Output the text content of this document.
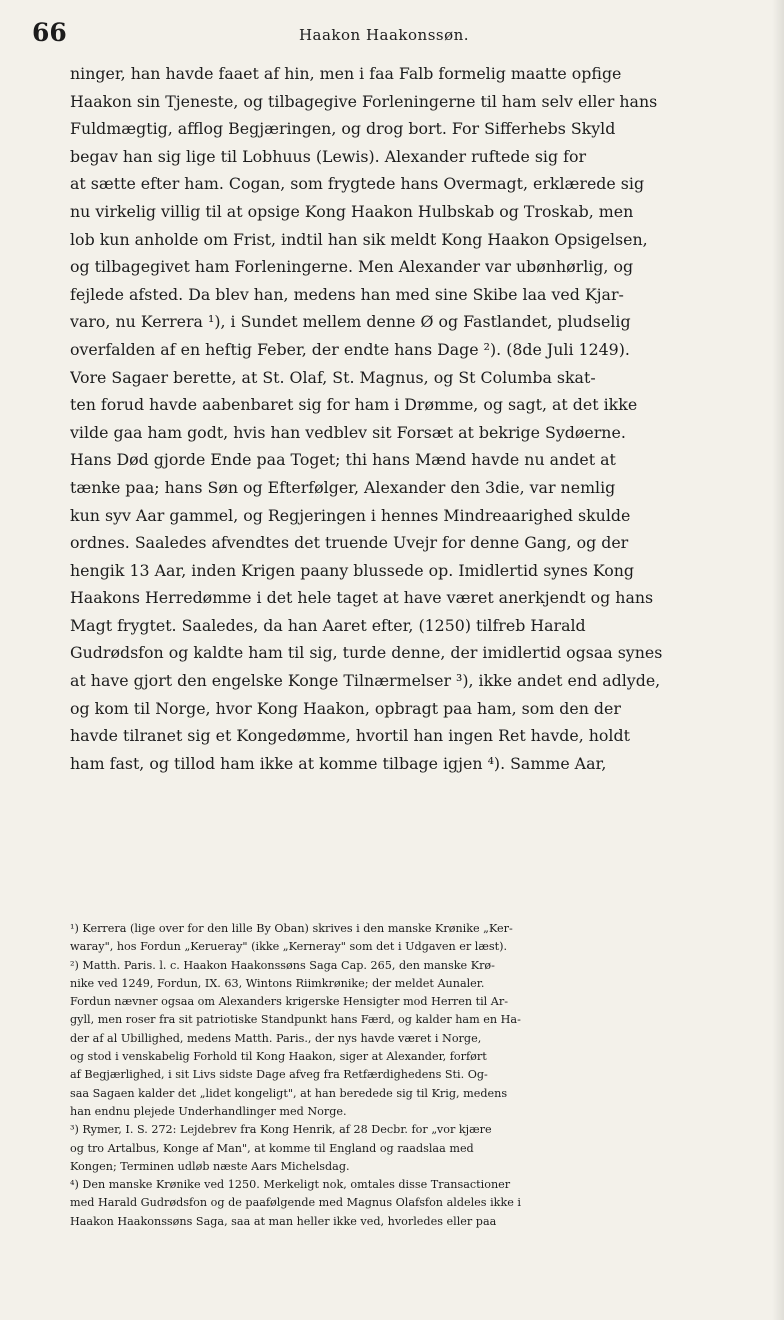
66	Haakon Haakonssøn.
ninger, han havde faaet af hin, men i faa Falb formelig maatte opfige
Haakon sin Tjeneste, og tilbagegive Forleningerne til ham selv eller hans
Fuldmægtig, afflog Begjæringen, og drog bort. For Sifferhebs Skyld
begav han sig lige til Lobhuus (Lewis). Alexander ruftede sig for
at sætte efter ham. Cogan, som frygtede hans Overmagt, erklærede sig
nu virkelig villig til at opsige Kong Haakon Hulbskab og Troskab, men
lob kun anholde om Frist, indtil han sik meldt Kong Haakon Opsigelsen,
og tilbagegivet ham Forleningerne. Men Alexander var ubønhørlig, og
fejlede afsted. Da blev han, medens han med sine Skibe laa ved Kjar-
varo, nu Kerrera ¹), i Sundet mellem denne Ø og Fastlandet, pludselig
overfalden af en heftig Feber, der endte hans Dage ²). (8de Juli 1249).
Vore Sagaer berette, at St. Olaf, St. Magnus, og St Columba skat-
ten forud havde aabenbaret sig for ham i Drømme, og sagt, at det ikke
vilde gaa ham godt, hvis han vedblev sit Forsæt at bekrige Sydøerne.
Hans Død gjorde Ende paa Toget; thi hans Mænd havde nu andet at
tænke paa; hans Søn og Efterfølger, Alexander den 3die, var nemlig
kun syv Aar gammel, og Regjeringen i hennes Mindreaarighed skulde
ordnes. Saaledes afvendtes det truende Uvejr for denne Gang, og der
hengik 13 Aar, inden Krigen paany blussede op. Imidlertid synes Kong
Haakons Herredømme i det hele taget at have været anerkjendt og hans
Magt frygtet. Saaledes, da han Aaret efter, (1250) tilfreb Harald
Gudrødsfon og kaldte ham til sig, turde denne, der imidlertid ogsaa synes
at have gjort den engelske Konge Tilnærmelser ³), ikke andet end adlyde,
og kom til Norge, hvor Kong Haakon, opbragt paa ham, som den der
havde tilranet sig et Kongedømme, hvortil han ingen Ret havde, holdt
ham fast, og tillod ham ikke at komme tilbage igjen ⁴). Samme Aar,
¹) Kerrera (lige over for den lille By Oban) skrives i den manske Krønike „Ker-
waray", hos Fordun „Kerueray" (ikke „Kerneray" som det i Udgaven er læst).
²) Matth. Paris. l. c. Haakon Haakonssøns Saga Cap. 265, den manske Krø-
nike ved 1249, Fordun, IX. 63, Wintons Riimkrønike; der meldet Aunaler.
Fordun nævner ogsaa om Alexanders krigerske Hensigter mod Herren til Ar-
gyll, men roser fra sit patriotiske Standpunkt hans Færd, og kalder ham en Ha-
der af al Ubillighed, medens Matth. Paris., der nys havde været i Norge,
og stod i venskabelig Forhold til Kong Haakon, siger at Alexander, forført
af Begjærlighed, i sit Livs sidste Dage afveg fra Retfærdighedens Sti. Og-
saa Sagaen kalder det „lidet kongeligt", at han beredede sig til Krig, medens
han endnu plejede Underhandlinger med Norge.
³) Rymer, I. S. 272: Lejdebrev fra Kong Henrik, af 28 Decbr. for „vor kjære
og tro Artalbus, Konge af Man", at komme til England og raadslaa med
Kongen; Terminen udløb næste Aars Michelsdag.
⁴) Den manske Krønike ved 1250. Merkeligt nok, omtales disse Transactioner
med Harald Gudrødsfon og de paafølgende med Magnus Olafsfon aldeles ikke i
Haakon Haakonssøns Saga, saa at man heller ikke ved, hvorledes eller paa
